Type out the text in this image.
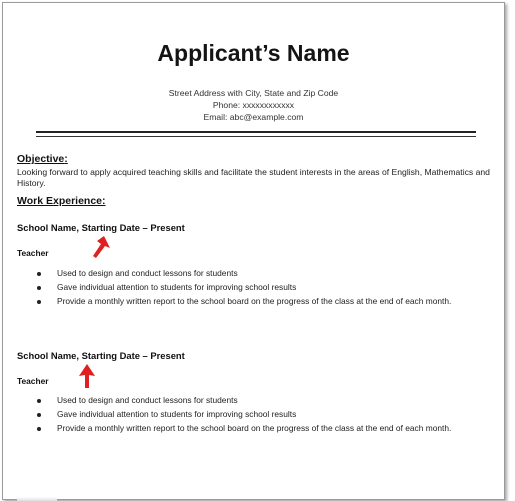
Applicant’s Name
Street Address with City, State and Zip Code
Phone: xxxxxxxxxxxx
Email: abc@example.com
Objective:
Looking forward to apply acquired teaching skills and facilitate the student interests in the areas of English, Mathematics and History.
Work Experience:
School Name, Starting Date – Present
Teacher
Used to design and conduct lessons for students
Gave individual attention to students for improving school results
Provide a monthly written report to the school board on the progress of the class at the end of each month.
School Name, Starting Date – Present
Teacher
Used to design and conduct lessons for students
Gave individual attention to students for improving school results
Provide a monthly written report to the school board on the progress of the class at the end of each month.
